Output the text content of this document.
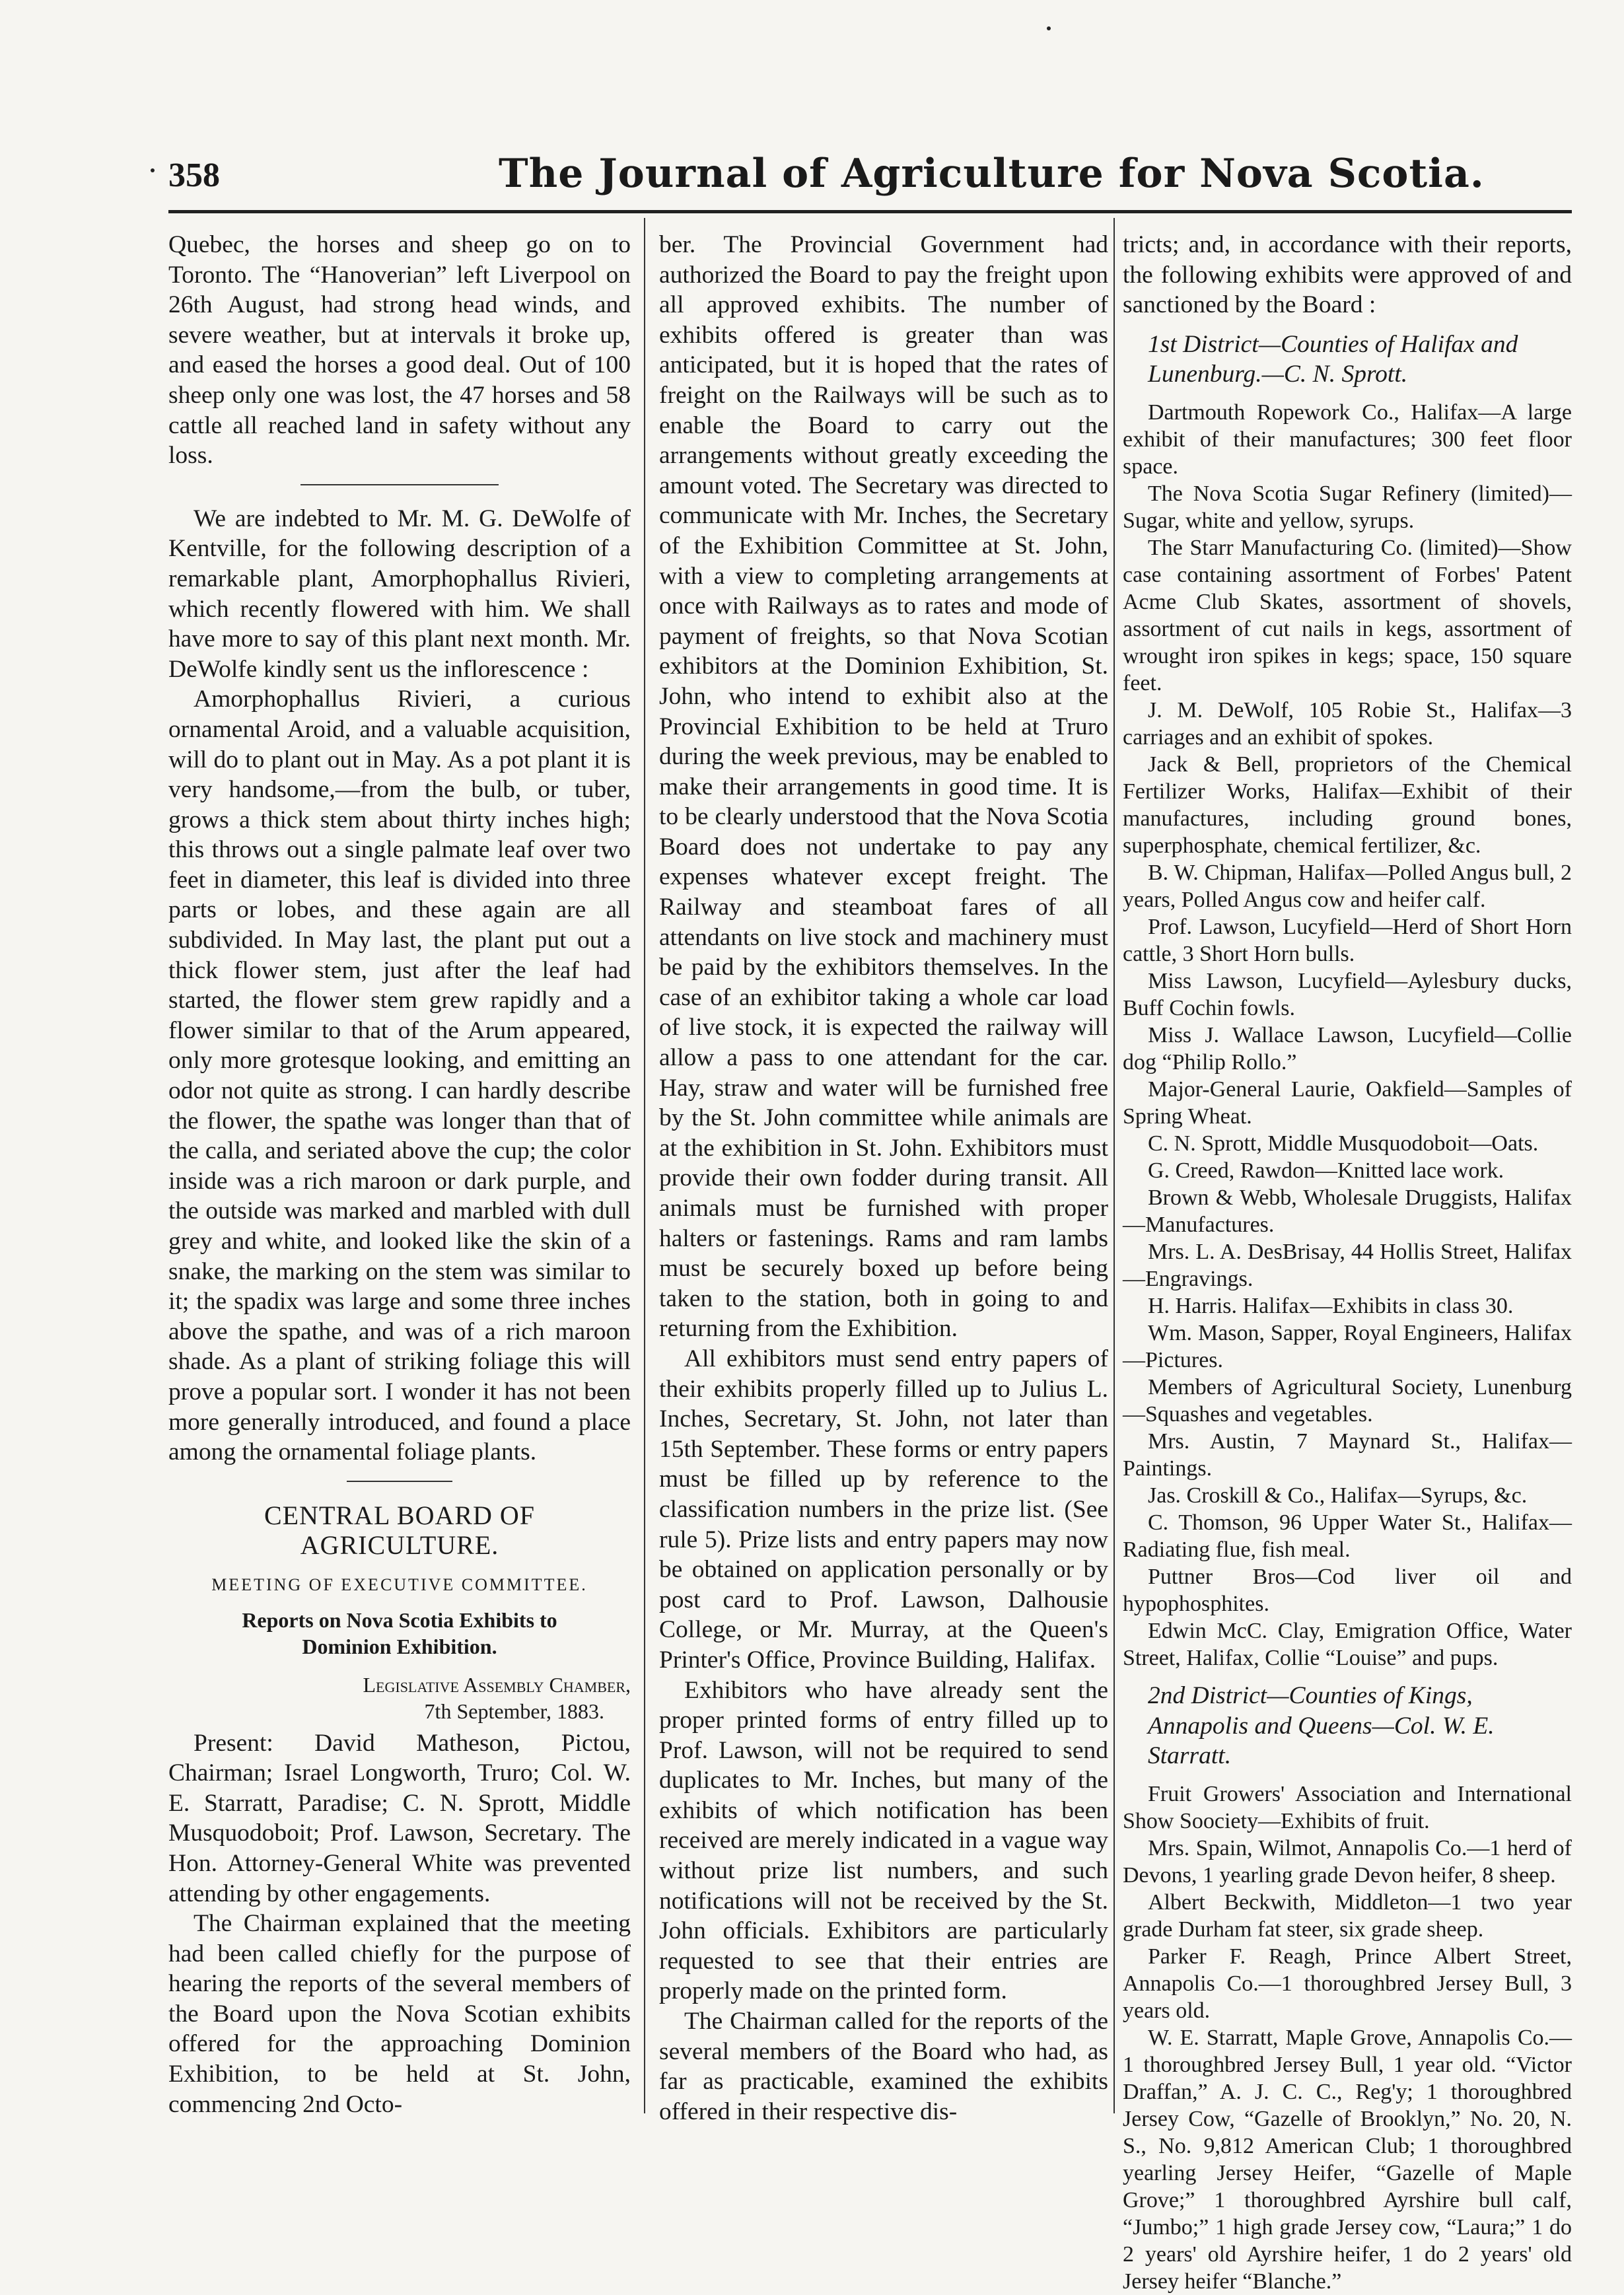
358	The Journal of Agriculture for Nova Scotia.

Quebec, the horses and sheep go on to Toronto. The “Hanoverian” left Liverpool on 26th August, had strong head winds, and severe weather, but at intervals it broke up, and eased the horses a good deal. Out of 100 sheep only one was lost, the 47 horses and 58 cattle all reached land in safety without any loss.

We are indebted to Mr. M. G. DeWolfe of Kentville, for the following description of a remarkable plant, Amorphophallus Rivieri, which recently flowered with him. We shall have more to say of this plant next month. Mr. DeWolfe kindly sent us the inflorescence :

Amorphophallus Rivieri, a curious ornamental Aroid, and a valuable acquisition, will do to plant out in May. As a pot plant it is very handsome,—from the bulb, or tuber, grows a thick stem about thirty inches high; this throws out a single palmate leaf over two feet in diameter, this leaf is divided into three parts or lobes, and these again are all subdivided. In May last, the plant put out a thick flower stem, just after the leaf had started, the flower stem grew rapidly and a flower similar to that of the Arum appeared, only more grotesque looking, and emitting an odor not quite as strong. I can hardly describe the flower, the spathe was longer than that of the calla, and seriated above the cup; the color inside was a rich maroon or dark purple, and the outside was marked and marbled with dull grey and white, and looked like the skin of a snake, the marking on the stem was similar to it; the spadix was large and some three inches above the spathe, and was of a rich maroon shade. As a plant of striking foliage this will prove a popular sort. I wonder it has not been more generally introduced, and found a place among the ornamental foliage plants.

CENTRAL BOARD OF AGRICULTURE.
MEETING OF EXECUTIVE COMMITTEE.
Reports on Nova Scotia Exhibits to Dominion Exhibition.
Legislative Assembly Chamber,
7th September, 1883.

Present: David Matheson, Pictou, Chairman; Israel Longworth, Truro; Col. W. E. Starratt, Paradise; C. N. Sprott, Middle Musquodoboit; Prof. Lawson, Secretary. The Hon. Attorney-General White was prevented attending by other engagements.

The Chairman explained that the meeting had been called chiefly for the purpose of hearing the reports of the several members of the Board upon the Nova Scotian exhibits offered for the approaching Dominion Exhibition, to be held at St. John, commencing 2nd Octo-

ber. The Provincial Government had authorized the Board to pay the freight upon all approved exhibits. The number of exhibits offered is greater than was anticipated, but it is hoped that the rates of freight on the Railways will be such as to enable the Board to carry out the arrangements without greatly exceeding the amount voted. The Secretary was directed to communicate with Mr. Inches, the Secretary of the Exhibition Committee at St. John, with a view to completing arrangements at once with Railways as to rates and mode of payment of freights, so that Nova Scotian exhibitors at the Dominion Exhibition, St. John, who intend to exhibit also at the Provincial Exhibition to be held at Truro during the week previous, may be enabled to make their arrangements in good time. It is to be clearly understood that the Nova Scotia Board does not undertake to pay any expenses whatever except freight. The Railway and steamboat fares of all attendants on live stock and machinery must be paid by the exhibitors themselves. In the case of an exhibitor taking a whole car load of live stock, it is expected the railway will allow a pass to one attendant for the car. Hay, straw and water will be furnished free by the St. John committee while animals are at the exhibition in St. John. Exhibitors must provide their own fodder during transit. All animals must be furnished with proper halters or fastenings. Rams and ram lambs must be securely boxed up before being taken to the station, both in going to and returning from the Exhibition.

All exhibitors must send entry papers of their exhibits properly filled up to Julius L. Inches, Secretary, St. John, not later than 15th September. These forms or entry papers must be filled up by reference to the classification numbers in the prize list. (See rule 5). Prize lists and entry papers may now be obtained on application personally or by post card to Prof. Lawson, Dalhousie College, or Mr. Murray, at the Queen's Printer's Office, Province Building, Halifax.

Exhibitors who have already sent the proper printed forms of entry filled up to Prof. Lawson, will not be required to send duplicates to Mr. Inches, but many of the exhibits of which notification has been received are merely indicated in a vague way without prize list numbers, and such notifications will not be received by the St. John officials. Exhibitors are particularly requested to see that their entries are properly made on the printed form.

The Chairman called for the reports of the several members of the Board who had, as far as practicable, examined the exhibits offered in their respective dis-

tricts; and, in accordance with their reports, the following exhibits were approved of and sanctioned by the Board :

1st District—Counties of Halifax and Lunenburg.—C. N. Sprott.

Dartmouth Ropework Co., Halifax—A large exhibit of their manufactures; 300 feet floor space.

The Nova Scotia Sugar Refinery (limited)—Sugar, white and yellow, syrups.

The Starr Manufacturing Co. (limited)—Show case containing assortment of Forbes' Patent Acme Club Skates, assortment of shovels, assortment of cut nails in kegs, assortment of wrought iron spikes in kegs; space, 150 square feet.

J. M. DeWolf, 105 Robie St., Halifax—3 carriages and an exhibit of spokes.

Jack & Bell, proprietors of the Chemical Fertilizer Works, Halifax—Exhibit of their manufactures, including ground bones, superphosphate, chemical fertilizer, &c.

B. W. Chipman, Halifax—Polled Angus bull, 2 years, Polled Angus cow and heifer calf.

Prof. Lawson, Lucyfield—Herd of Short Horn cattle, 3 Short Horn bulls.

Miss Lawson, Lucyfield—Aylesbury ducks, Buff Cochin fowls.

Miss J. Wallace Lawson, Lucyfield—Collie dog “Philip Rollo.”

Major-General Laurie, Oakfield—Samples of Spring Wheat.

C. N. Sprott, Middle Musquodoboit—Oats.

G. Creed, Rawdon—Knitted lace work.

Brown & Webb, Wholesale Druggists, Halifax—Manufactures.

Mrs. L. A. DesBrisay, 44 Hollis Street, Halifax—Engravings.

H. Harris. Halifax—Exhibits in class 30.

Wm. Mason, Sapper, Royal Engineers, Halifax—Pictures.

Members of Agricultural Society, Lunenburg—Squashes and vegetables.

Mrs. Austin, 7 Maynard St., Halifax—Paintings.

Jas. Croskill & Co., Halifax—Syrups, &c.

C. Thomson, 96 Upper Water St., Halifax—Radiating flue, fish meal.

Puttner Bros—Cod liver oil and hypophosphites.

Edwin McC. Clay, Emigration Office, Water Street, Halifax, Collie “Louise” and pups.

2nd District—Counties of Kings, Annapolis and Queens—Col. W. E. Starratt.

Fruit Growers' Association and International Show Soociety—Exhibits of fruit.

Mrs. Spain, Wilmot, Annapolis Co.—1 herd of Devons, 1 yearling grade Devon heifer, 8 sheep.

Albert Beckwith, Middleton—1 two year grade Durham fat steer, six grade sheep.

Parker F. Reagh, Prince Albert Street, Annapolis Co.—1 thoroughbred Jersey Bull, 3 years old.

W. E. Starratt, Maple Grove, Annapolis Co.—1 thoroughbred Jersey Bull, 1 year old. “Victor Draffan,” A. J. C. C., Reg'y; 1 thoroughbred Jersey Cow, “Gazelle of Brooklyn,” No. 20, N. S., No. 9,812 American Club; 1 thoroughbred yearling Jersey Heifer, “Gazelle of Maple Grove;” 1 thoroughbred Ayrshire bull calf, “Jumbo;” 1 high grade Jersey cow, “Laura;” 1 do 2 years' old Ayrshire heifer, 1 do 2 years' old Jersey heifer “Blanche.”
